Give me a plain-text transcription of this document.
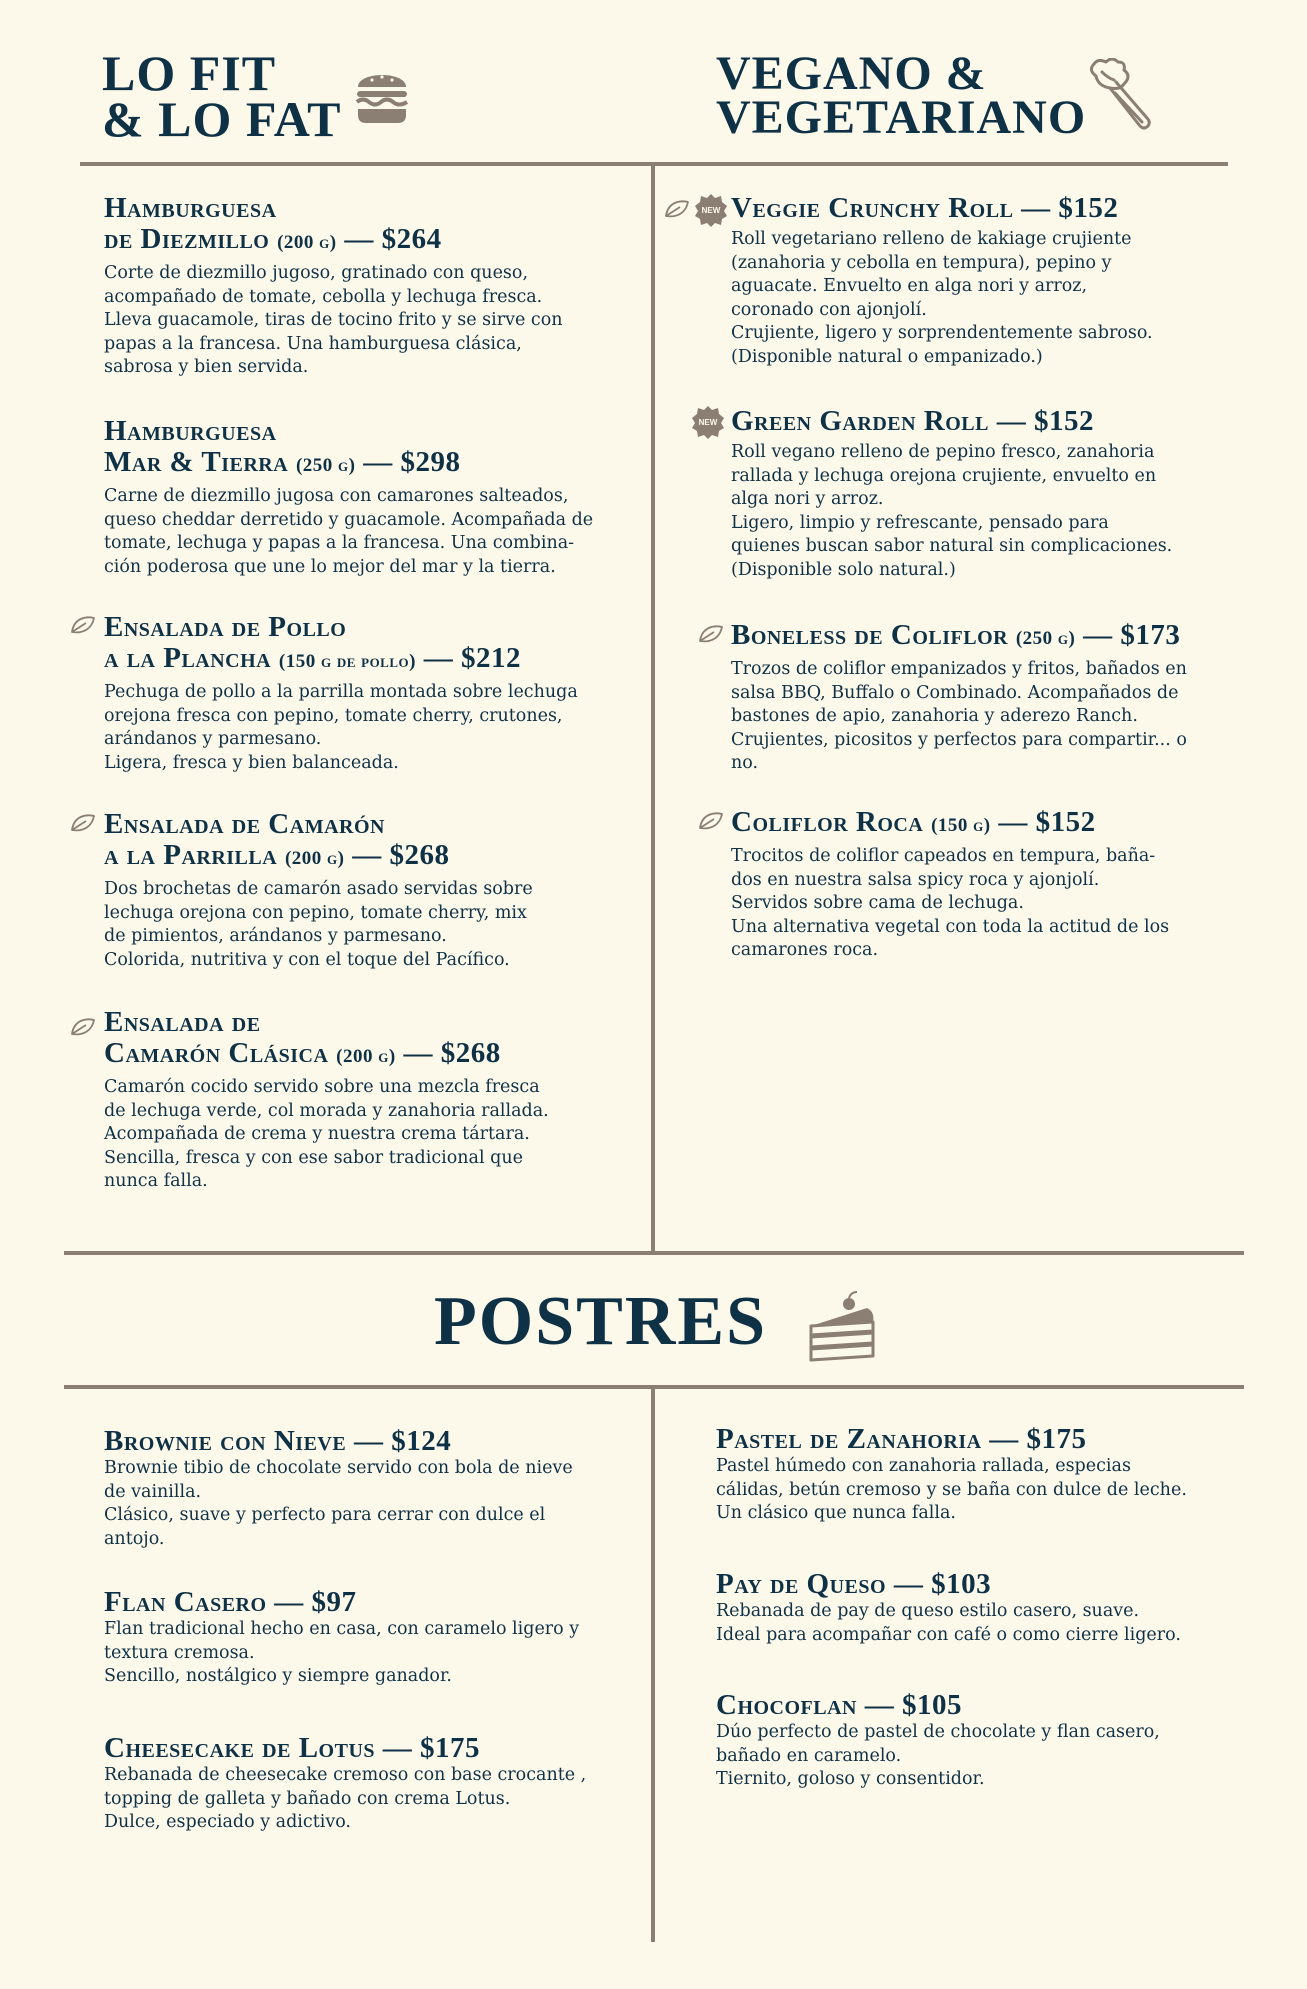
LO FIT
& LO FAT
VEGANO &
VEGETARIANO

Hamburguesa
de Diezmillo (200 g) — $264

Corte de diezmillo jugoso, gratinado con queso,
acompañado de tomate, cebolla y lechuga fresca.
Lleva guacamole, tiras de tocino frito y se sirve con
papas a la francesa. Una hamburguesa clásica,
sabrosa y bien servida.

Hamburguesa
Mar & Tierra (250 g) — $298

Carne de diezmillo jugosa con camarones salteados,
queso cheddar derretido y guacamole. Acompañada de
tomate, lechuga y papas a la francesa. Una combina-
ción poderosa que une lo mejor del mar y la tierra.

Ensalada de Pollo
a la Plancha (150 g de pollo) — $212

Pechuga de pollo a la parrilla montada sobre lechuga
orejona fresca con pepino, tomate cherry, crutones,
arándanos y parmesano.
Ligera, fresca y bien balanceada.

Ensalada de Camarón
a la Parrilla (200 g) — $268

Dos brochetas de camarón asado servidas sobre
lechuga orejona con pepino, tomate cherry, mix
de pimientos, arándanos y parmesano.
Colorida, nutritiva y con el toque del Pacífico.

Ensalada de
Camarón Clásica (200 g) — $268

Camarón cocido servido sobre una mezcla fresca
de lechuga verde, col morada y zanahoria rallada.
Acompañada de crema y nuestra crema tártara.
Sencilla, fresca y con ese sabor tradicional que
nunca falla.

NEW Veggie Crunchy Roll — $152

Roll vegetariano relleno de kakiage crujiente
(zanahoria y cebolla en tempura), pepino y
aguacate. Envuelto en alga nori y arroz,
coronado con ajonjolí.
Crujiente, ligero y sorprendentemente sabroso.
(Disponible natural o empanizado.)

NEW Green Garden Roll — $152

Roll vegano relleno de pepino fresco, zanahoria
rallada y lechuga orejona crujiente, envuelto en
alga nori y arroz.
Ligero, limpio y refrescante, pensado para
quienes buscan sabor natural sin complicaciones.
(Disponible solo natural.)

Boneless de Coliflor (250 g) — $173

Trozos de coliflor empanizados y fritos, bañados en
salsa BBQ, Buffalo o Combinado. Acompañados de
bastones de apio, zanahoria y aderezo Ranch.
Crujientes, picositos y perfectos para compartir... o
no.

Coliflor Roca (150 g) — $152

Trocitos de coliflor capeados en tempura, baña-
dos en nuestra salsa spicy roca y ajonjolí.
Servidos sobre cama de lechuga.
Una alternativa vegetal con toda la actitud de los
camarones roca.

POSTRES

Brownie con Nieve — $124

Brownie tibio de chocolate servido con bola de nieve
de vainilla.
Clásico, suave y perfecto para cerrar con dulce el
antojo.

Flan Casero — $97

Flan tradicional hecho en casa, con caramelo ligero y
textura cremosa.
Sencillo, nostálgico y siempre ganador.

Cheesecake de Lotus — $175

Rebanada de cheesecake cremoso con base crocante ,
topping de galleta y bañado con crema Lotus.
Dulce, especiado y adictivo.

Pastel de Zanahoria — $175

Pastel húmedo con zanahoria rallada, especias
cálidas, betún cremoso y se baña con dulce de leche.
Un clásico que nunca falla.

Pay de Queso — $103

Rebanada de pay de queso estilo casero, suave.
Ideal para acompañar con café o como cierre ligero.

Chocoflan — $105

Dúo perfecto de pastel de chocolate y flan casero,
bañado en caramelo.
Tiernito, goloso y consentidor.
